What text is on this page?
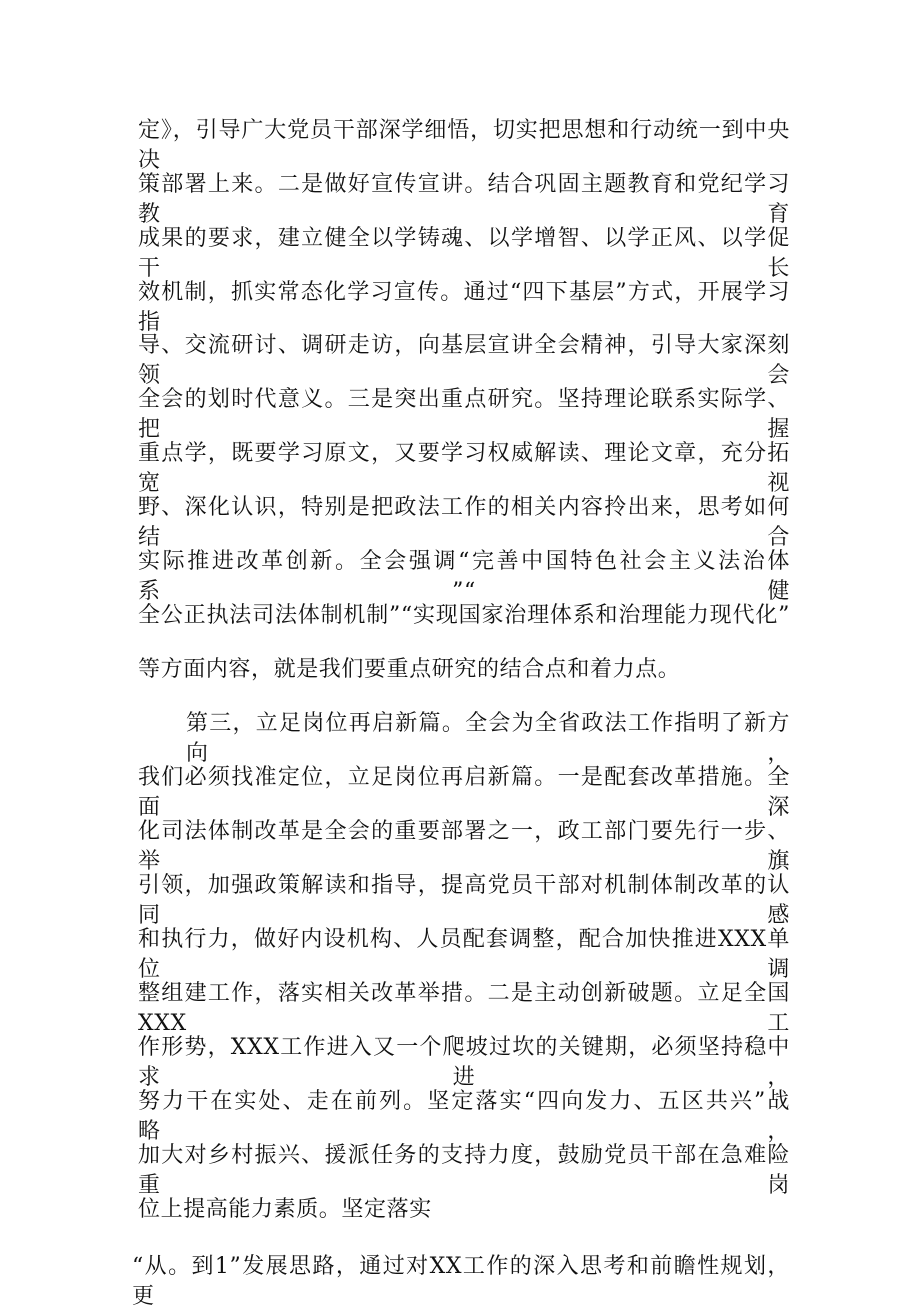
定》，引导广大党员干部深学细悟，切实把思想和行动统一到中央决
策部署上来。二是做好宣传宣讲。结合巩固主题教育和党纪学习教育
成果的要求，建立健全以学铸魂、以学增智、以学正风、以学促干长
效机制，抓实常态化学习宣传。通过“四下基层”方式，开展学习指
导、交流研讨、调研走访，向基层宣讲全会精神，引导大家深刻领会
全会的划时代意义。三是突出重点研究。坚持理论联系实际学、把握
重点学，既要学习原文，又要学习权威解读、理论文章，充分拓宽视
野、深化认识，特别是把政法工作的相关内容拎出来，思考如何结合
实际推进改革创新。全会强调“完善中国特色社会主义法治体系”“健
全公正执法司法体制机制”“实现国家治理体系和治理能力现代化”
等方面内容，就是我们要重点研究的结合点和着力点。
第三，立足岗位再启新篇。全会为全省政法工作指明了新方向，
我们必须找准定位，立足岗位再启新篇。一是配套改革措施。全面深
化司法体制改革是全会的重要部署之一，政工部门要先行一步、举旗
引领，加强政策解读和指导，提高党员干部对机制体制改革的认同感
和执行力，做好内设机构、人员配套调整，配合加快推进XXX单位调
整组建工作，落实相关改革举措。二是主动创新破题。立足全国XXX工
作形势，XXX工作进入又一个爬坡过坎的关键期，必须坚持稳中求进，
努力干在实处、走在前列。坚定落实“四向发力、五区共兴”战略，
加大对乡村振兴、援派任务的支持力度，鼓励党员干部在急难险重岗
位上提高能力素质。坚定落实
“从。到1”发展思路，通过对XX工作的深入思考和前瞻性规划，更
